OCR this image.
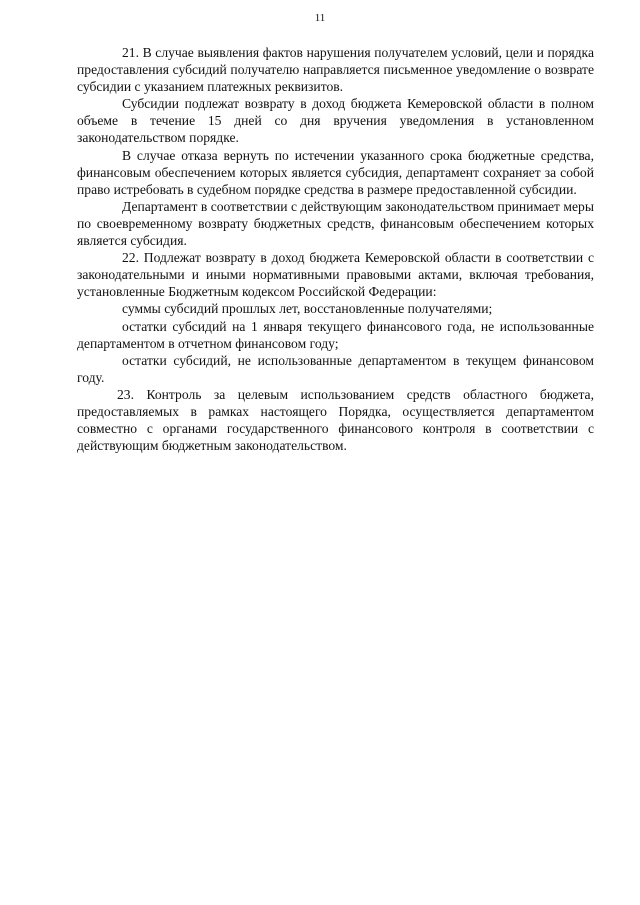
11

21. В случае выявления фактов нарушения получателем условий, цели и порядка предоставления субсидий получателю направляется письменное уведомление о возврате субсидии с указанием платежных реквизитов.

Субсидии подлежат возврату в доход бюджета Кемеровской области в полном объеме в течение 15 дней со дня вручения уведомления в установленном законодательством порядке.

В случае отказа вернуть по истечении указанного срока бюджетные средства, финансовым обеспечением которых является субсидия, департамент сохраняет за собой право истребовать в судебном порядке средства в размере предоставленной субсидии.

Департамент в соответствии с действующим законодательством принимает меры по своевременному возврату бюджетных средств, финансовым обеспечением которых является субсидия.

22. Подлежат возврату в доход бюджета Кемеровской области в соответствии с законодательными и иными нормативными правовыми актами, включая требования, установленные Бюджетным кодексом Российской Федерации:

суммы субсидий прошлых лет, восстановленные получателями;

остатки субсидий на 1 января текущего финансового года, не использованные департаментом в отчетном финансовом году;

остатки субсидий, не использованные департаментом в текущем финансовом году.

23. Контроль за целевым использованием средств областного бюджета, предоставляемых в рамках настоящего Порядка, осуществляется департаментом совместно с органами государственного финансового контроля в соответствии с действующим бюджетным законодательством.
